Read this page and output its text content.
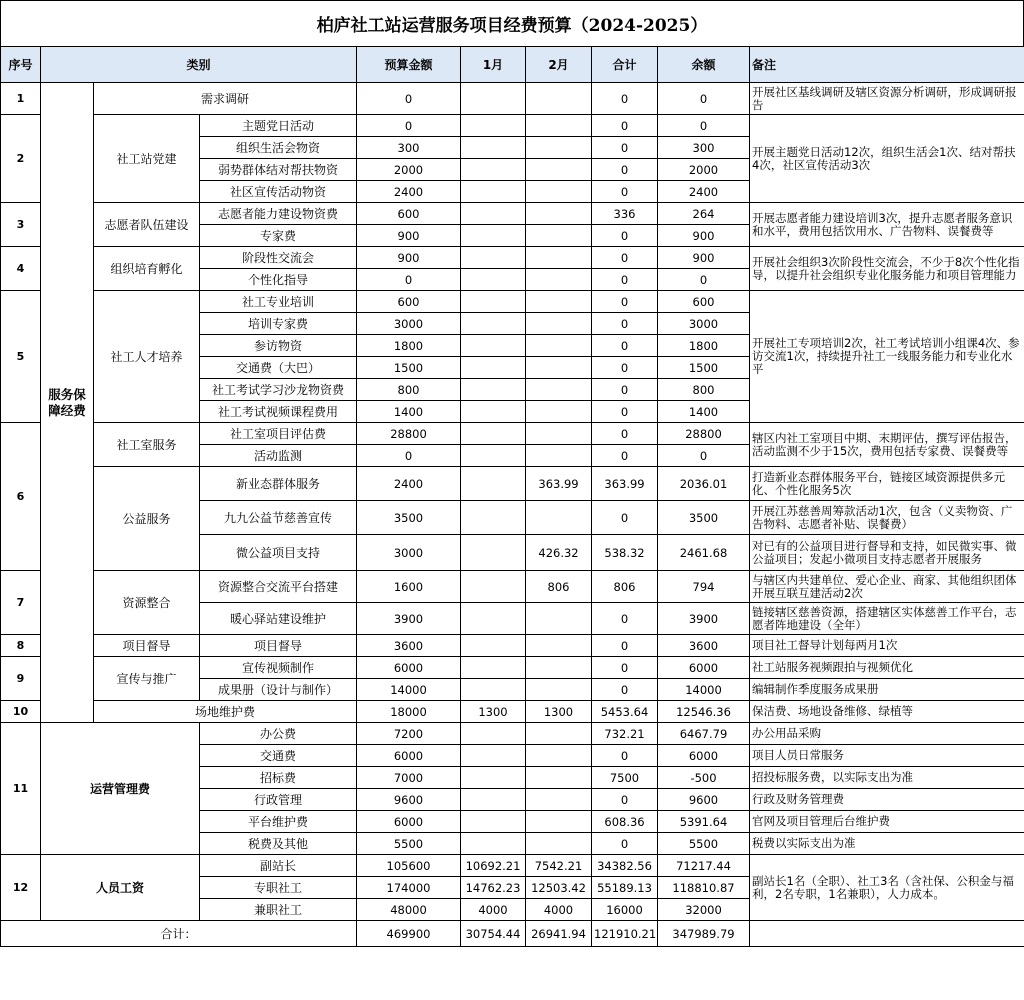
柏庐社工站运营服务项目经费预算（2024-2025）
序号	类别			预算金额	1月	2月	合计	余额	备注
1	服务保障经费	需求调研		0			0	0	开展社区基线调研及辖区资源分析调研，形成调研报告
2		社工站党建	主题党日活动	0			0	0	开展主题党日活动12次，组织生活会1次、结对帮扶4次，社区宣传活动3次
			组织生活会物资	300			0	300	
			弱势群体结对帮扶物资	2000			0	2000	
			社区宣传活动物资	2400			0	2400	
3		志愿者队伍建设	志愿者能力建设物资费	600			336	264	开展志愿者能力建设培训3次，提升志愿者服务意识和水平，费用包括饮用水、广告物料、误餐费等
			专家费	900			0	900	
4		组织培育孵化	阶段性交流会	900			0	900	开展社会组织3次阶段性交流会，不少于8次个性化指导，以提升社会组织专业化服务能力和项目管理能力
			个性化指导	0			0	0	
5		社工人才培养	社工专业培训	600			0	600	开展社工专项培训2次，社工考试培训小组课4次、参访交流1次，持续提升社工一线服务能力和专业化水平
			培训专家费	3000			0	3000	
			参访物资	1800			0	1800	
			交通费（大巴）	1500			0	1500	
			社工考试学习沙龙物资费	800			0	800	
			社工考试视频课程费用	1400			0	1400	
6		社工室服务	社工室项目评估费	28800			0	28800	辖区内社工室项目中期、末期评估，撰写评估报告，活动监测不少于15次，费用包括专家费、误餐费等
			活动监测	0			0	0	
		公益服务	新业态群体服务	2400		363.99	363.99	2036.01	打造新业态群体服务平台，链接区域资源提供多元化、个性化服务5次
			九九公益节慈善宣传	3500			0	3500	开展江苏慈善周筹款活动1次，包含（义卖物资、广告物料、志愿者补贴、误餐费）
			微公益项目支持	3000		426.32	538.32	2461.68	对已有的公益项目进行督导和支持，如民微实事、微公益项目；发起小微项目支持志愿者开展服务
7		资源整合	资源整合交流平台搭建	1600		806	806	794	与辖区内共建单位、爱心企业、商家、其他组织团体开展互联互建活动2次
			暖心驿站建设维护	3900			0	3900	链接辖区慈善资源，搭建辖区实体慈善工作平台，志愿者阵地建设（全年）
8		项目督导	项目督导	3600			0	3600	项目社工督导计划每两月1次
9		宣传与推广	宣传视频制作	6000			0	6000	社工站服务视频跟拍与视频优化
			成果册（设计与制作）	14000			0	14000	编辑制作季度服务成果册
10		场地维护费		18000	1300	1300	5453.64	12546.36	保洁费、场地设备维修、绿植等
11	运营管理费		办公费	7200			732.21	6467.79	办公用品采购
			交通费	6000			0	6000	项目人员日常服务
			招标费	7000			7500	-500	招投标服务费，以实际支出为准
			行政管理	9600			0	9600	行政及财务管理费
			平台维护费	6000			608.36	5391.64	官网及项目管理后台维护费
			税费及其他	5500			0	5500	税费以实际支出为准
12	人员工资		副站长	105600	10692.21	7542.21	34382.56	71217.44	副站长1名（全职）、社工3名（含社保、公积金与福利，2名专职，1名兼职），人力成本。
			专职社工	174000	14762.23	12503.42	55189.13	118810.87	
			兼职社工	48000	4000	4000	16000	32000	
合计：				469900	30754.44	26941.94	121910.21	347989.79	
